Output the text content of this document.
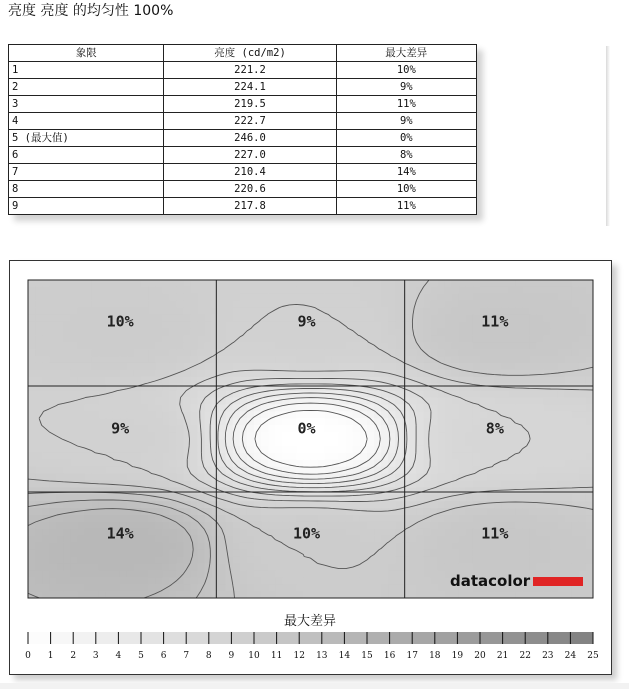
亮度 亮度 的均匀性 100%
象限	亮度 (cd/m2)	最大差异
1	221.2	10%
2	224.1	9%
3	219.5	11%
4	222.7	9%
5 (最大值)	246.0	0%
6	227.0	8%
7	210.4	14%
8	220.6	10%
9	217.8	11%
10%	9%	11%
9%	0%	8%
14%	10%	11%
datacolor
最大差异
0 1 2 3 4 5 6 7 8 9 10 11 12 13 14 15 16 17 18 19 20 21 22 23 24 25
